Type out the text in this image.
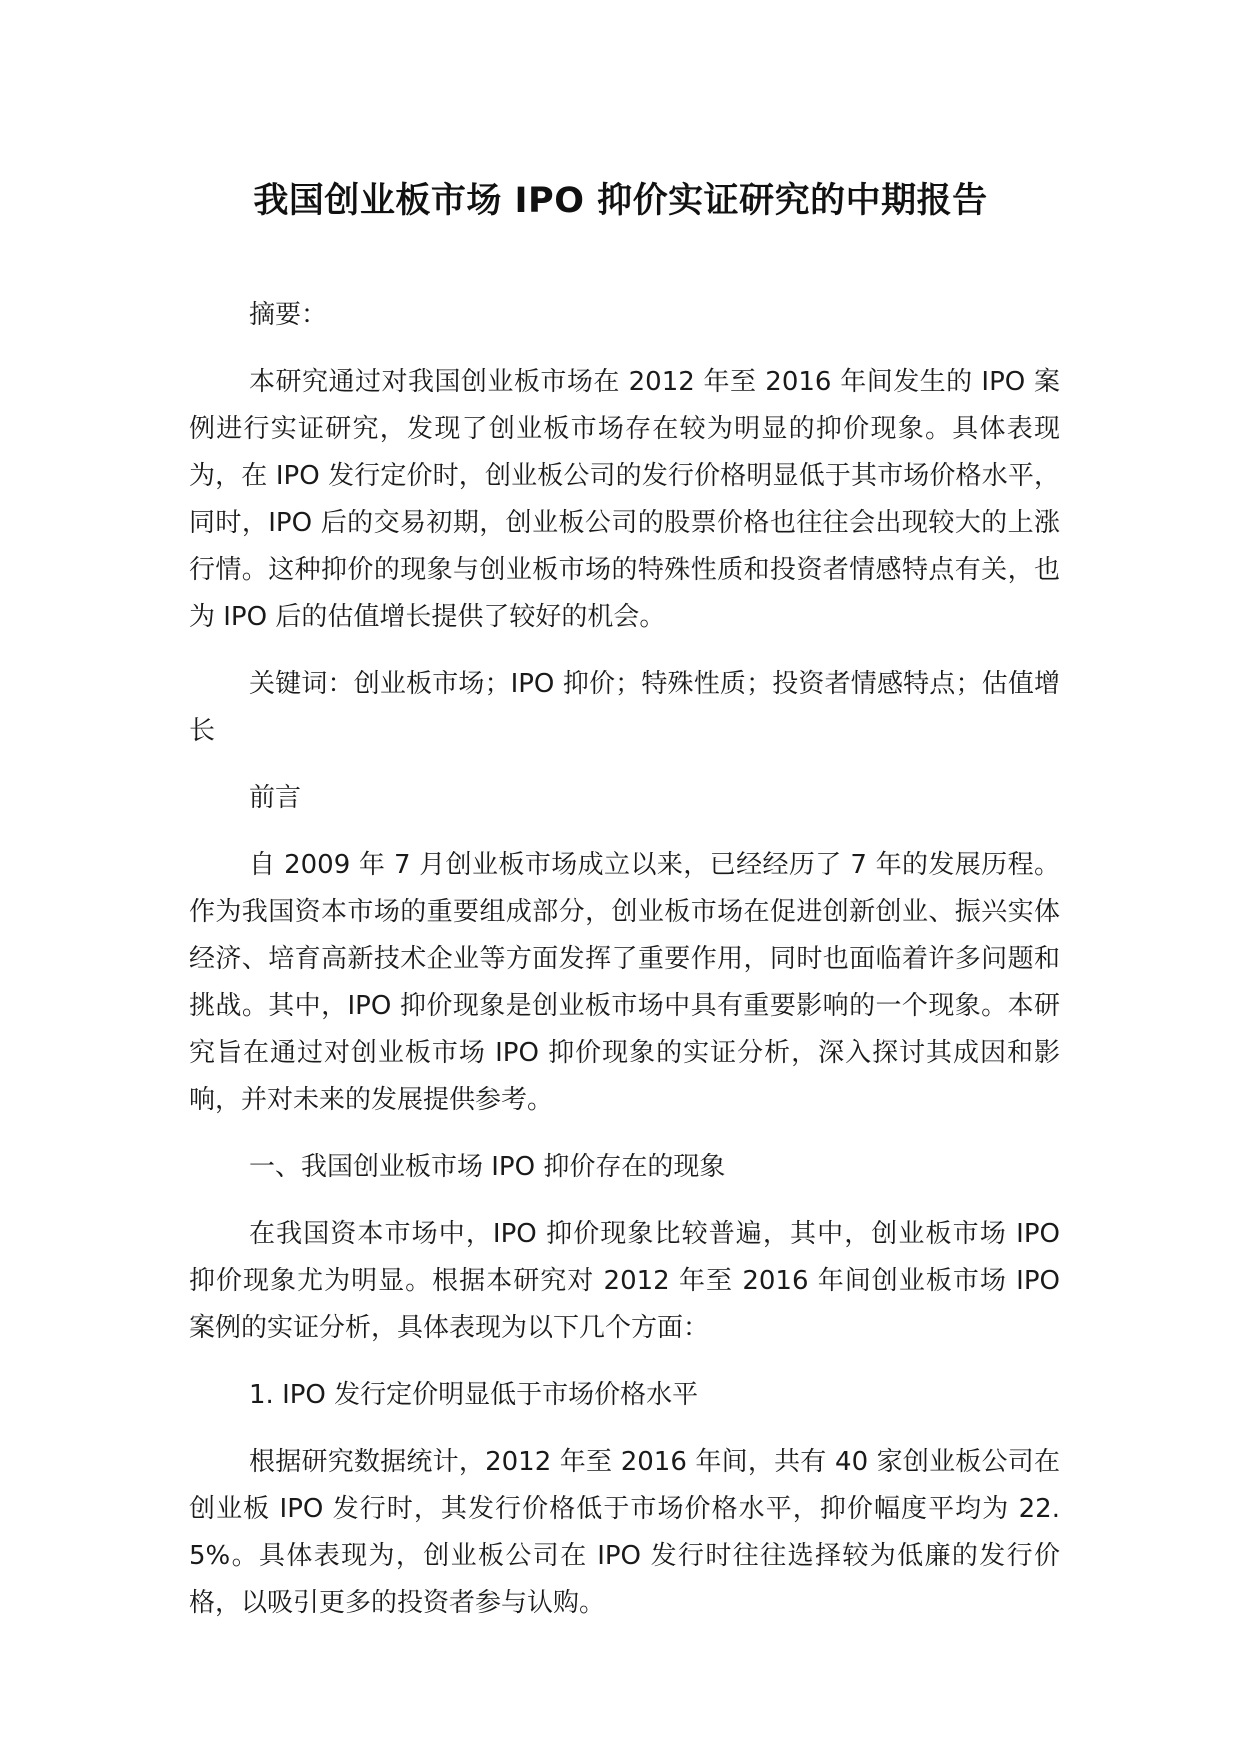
我国创业板市场 IPO 抑价实证研究的中期报告

摘要：

本研究通过对我国创业板市场在 2012 年至 2016 年间发生的 IPO 案例进行实证研究，发现了创业板市场存在较为明显的抑价现象。具体表现为，在 IPO 发行定价时，创业板公司的发行价格明显低于其市场价格水平，同时，IPO 后的交易初期，创业板公司的股票价格也往往会出现较大的上涨行情。这种抑价的现象与创业板市场的特殊性质和投资者情感特点有关，也为 IPO 后的估值增长提供了较好的机会。

关键词：创业板市场；IPO 抑价；特殊性质；投资者情感特点；估值增长

前言

自 2009 年 7 月创业板市场成立以来，已经经历了 7 年的发展历程。作为我国资本市场的重要组成部分，创业板市场在促进创新创业、振兴实体经济、培育高新技术企业等方面发挥了重要作用，同时也面临着许多问题和挑战。其中，IPO 抑价现象是创业板市场中具有重要影响的一个现象。本研究旨在通过对创业板市场 IPO 抑价现象的实证分析，深入探讨其成因和影响，并对未来的发展提供参考。

一、我国创业板市场 IPO 抑价存在的现象

在我国资本市场中，IPO 抑价现象比较普遍，其中，创业板市场 IPO 抑价现象尤为明显。根据本研究对 2012 年至 2016 年间创业板市场 IPO 案例的实证分析，具体表现为以下几个方面：

1. IPO 发行定价明显低于市场价格水平

根据研究数据统计，2012 年至 2016 年间，共有 40 家创业板公司在创业板 IPO 发行时，其发行价格低于市场价格水平，抑价幅度平均为 22.5%。具体表现为，创业板公司在 IPO 发行时往往选择较为低廉的发行价格，以吸引更多的投资者参与认购。
